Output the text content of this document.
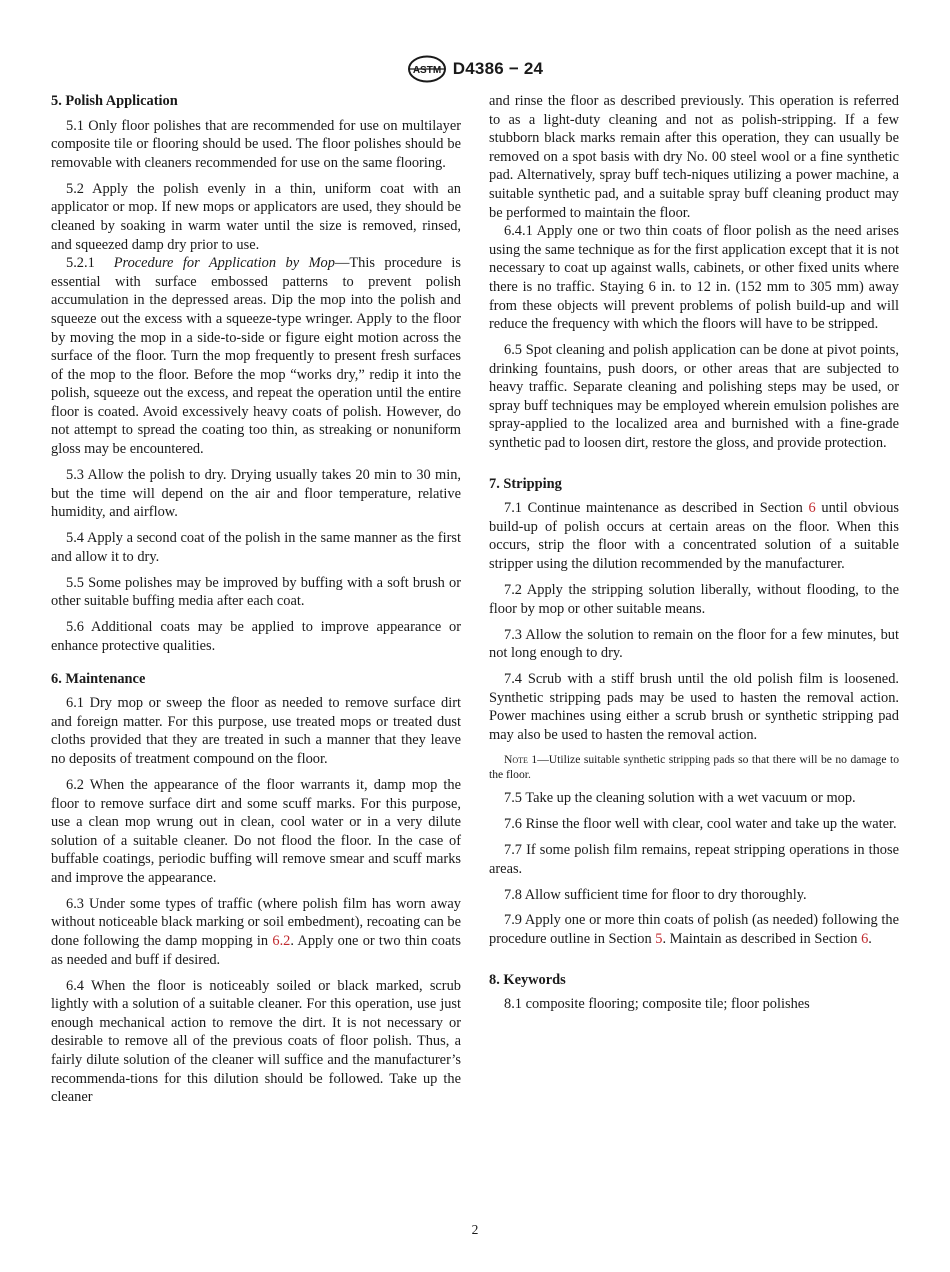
ASTM D4386 − 24
5. Polish Application

5.1 Only floor polishes that are recommended for use on multilayer composite tile or flooring should be used. The floor polishes should be removable with cleaners recommended for use on the same flooring.

5.2 Apply the polish evenly in a thin, uniform coat with an applicator or mop. If new mops or applicators are used, they should be cleaned by soaking in warm water until the size is removed, rinsed, and squeezed damp dry prior to use.

5.2.1 Procedure for Application by Mop—This procedure is essential with surface embossed patterns to prevent polish accumulation in the depressed areas. Dip the mop into the polish and squeeze out the excess with a squeeze-type wringer. Apply to the floor by moving the mop in a side-to-side or figure eight motion across the surface of the floor. Turn the mop frequently to present fresh surfaces of the mop to the floor. Before the mop “works dry,” redip it into the polish, squeeze out the excess, and repeat the operation until the entire floor is coated. Avoid excessively heavy coats of polish. However, do not attempt to spread the coating too thin, as streaking or nonuniform gloss may be encountered.

5.3 Allow the polish to dry. Drying usually takes 20 min to 30 min, but the time will depend on the air and floor temperature, relative humidity, and airflow.

5.4 Apply a second coat of the polish in the same manner as the first and allow it to dry.

5.5 Some polishes may be improved by buffing with a soft brush or other suitable buffing media after each coat.

5.6 Additional coats may be applied to improve appearance or enhance protective qualities.

6. Maintenance

6.1 Dry mop or sweep the floor as needed to remove surface dirt and foreign matter. For this purpose, use treated mops or treated dust cloths provided that they are treated in such a manner that they leave no deposits of treatment compound on the floor.

6.2 When the appearance of the floor warrants it, damp mop the floor to remove surface dirt and some scuff marks. For this purpose, use a clean mop wrung out in clean, cool water or in a very dilute solution of a suitable cleaner. Do not flood the floor. In the case of buffable coatings, periodic buffing will remove smear and scuff marks and improve the appearance.

6.3 Under some types of traffic (where polish film has worn away without noticeable black marking or soil embedment), recoating can be done following the damp mopping in 6.2. Apply one or two thin coats as needed and buff if desired.

6.4 When the floor is noticeably soiled or black marked, scrub lightly with a solution of a suitable cleaner. For this operation, use just enough mechanical action to remove the dirt. It is not necessary or desirable to remove all of the previous coats of floor polish. Thus, a fairly dilute solution of the cleaner will suffice and the manufacturer’s recommenda-tions for this dilution should be followed. Take up the cleaner

and rinse the floor as described previously. This operation is referred to as a light-duty cleaning and not as polish-stripping. If a few stubborn black marks remain after this operation, they can usually be removed on a spot basis with dry No. 00 steel wool or a fine synthetic pad. Alternatively, spray buff tech-niques utilizing a power machine, a suitable synthetic pad, and a suitable spray buff cleaning product may be performed to maintain the floor.

6.4.1 Apply one or two thin coats of floor polish as the need arises using the same technique as for the first application except that it is not necessary to coat up against walls, cabinets, or other fixed units where there is no traffic. Staying 6 in. to 12 in. (152 mm to 305 mm) away from these objects will prevent problems of polish build-up and will reduce the frequency with which the floors will have to be stripped.

6.5 Spot cleaning and polish application can be done at pivot points, drinking fountains, push doors, or other areas that are subjected to heavy traffic. Separate cleaning and polishing steps may be used, or spray buff techniques may be employed wherein emulsion polishes are spray-applied to the localized area and burnished with a fine-grade synthetic pad to loosen dirt, restore the gloss, and provide protection.

7. Stripping

7.1 Continue maintenance as described in Section 6 until obvious build-up of polish occurs at certain areas on the floor. When this occurs, strip the floor with a concentrated solution of a suitable stripper using the dilution recommended by the manufacturer.

7.2 Apply the stripping solution liberally, without flooding, to the floor by mop or other suitable means.

7.3 Allow the solution to remain on the floor for a few minutes, but not long enough to dry.

7.4 Scrub with a stiff brush until the old polish film is loosened. Synthetic stripping pads may be used to hasten the removal action. Power machines using either a scrub brush or synthetic stripping pad may also be used to hasten the removal action.

Note 1—Utilize suitable synthetic stripping pads so that there will be no damage to the floor.

7.5 Take up the cleaning solution with a wet vacuum or mop.

7.6 Rinse the floor well with clear, cool water and take up the water.

7.7 If some polish film remains, repeat stripping operations in those areas.

7.8 Allow sufficient time for floor to dry thoroughly.

7.9 Apply one or more thin coats of polish (as needed) following the procedure outline in Section 5. Maintain as described in Section 6.

8. Keywords

8.1 composite flooring; composite tile; floor polishes

2
